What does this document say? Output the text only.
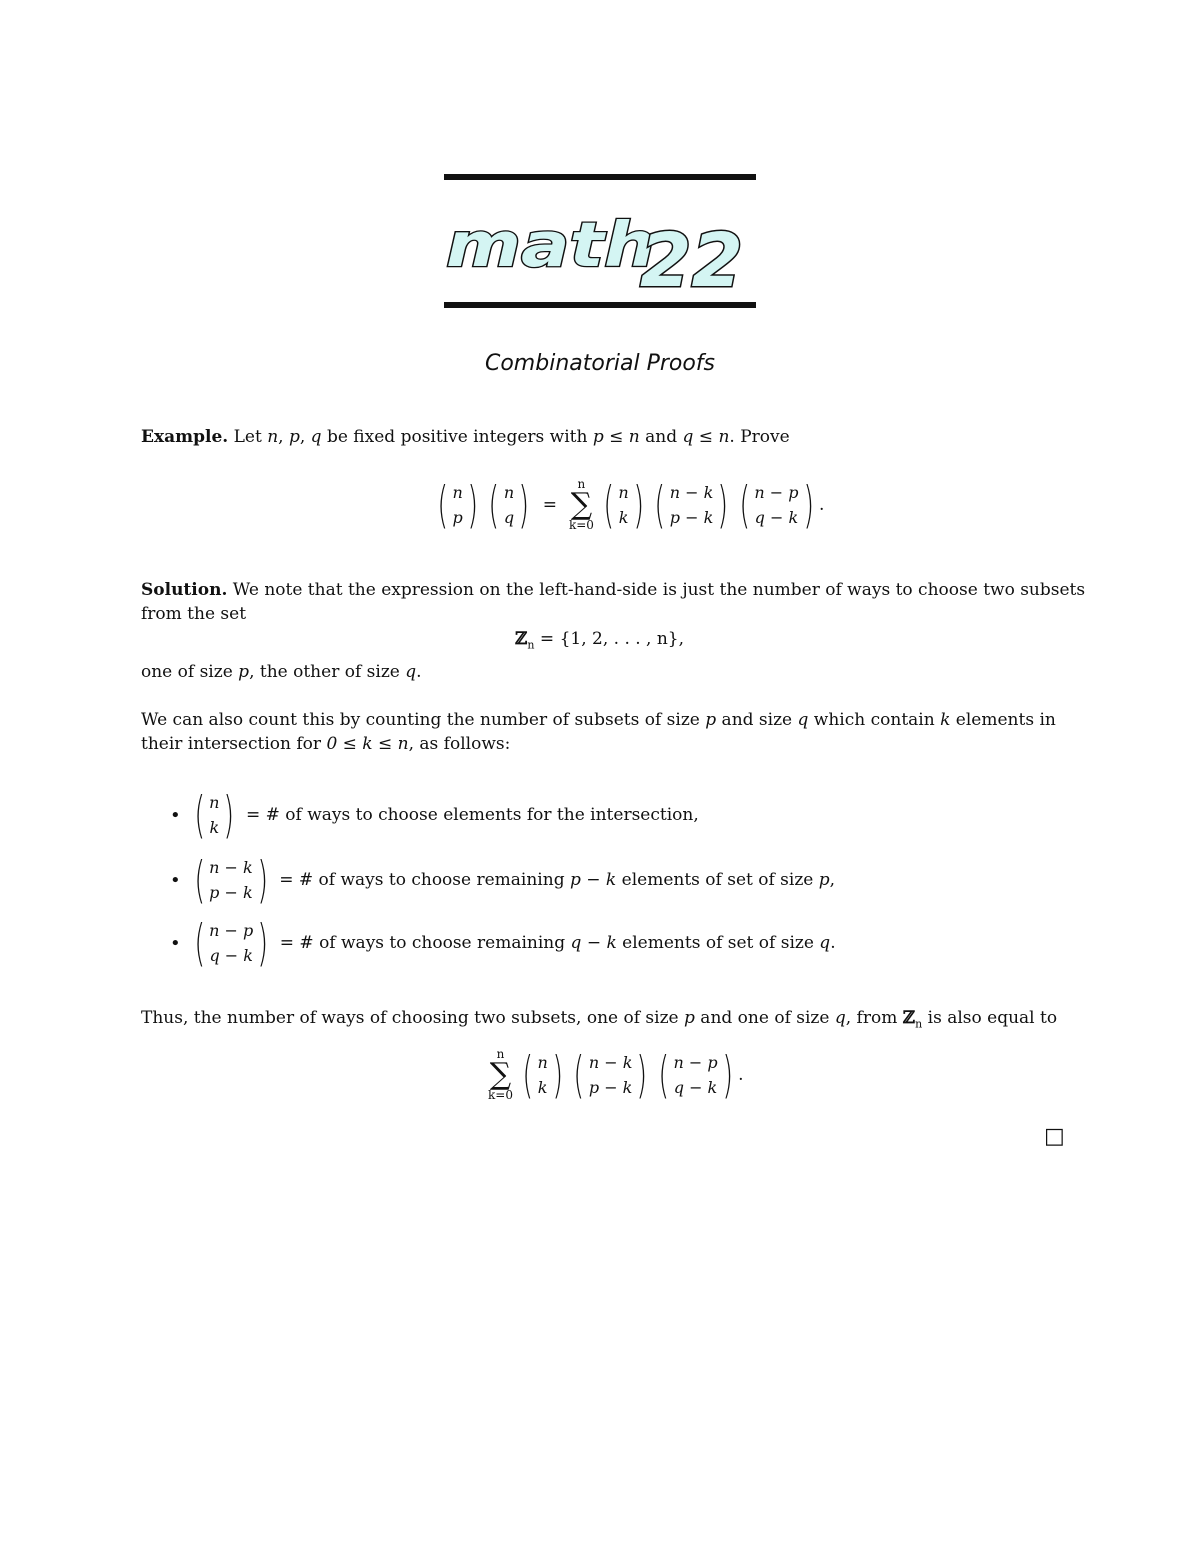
math
22
Combinatorial Proofs
Example. Let n, p, q be fixed positive integers with p ≤ n and q ≤ n. Prove
( n
p ) ( n
q ) =
n
∑
k=0 ( n
k ) ( n − k
p − k ) ( n − p
q − k ) .
Solution. We note that the expression on the left-hand-side is just the number of ways to choose two subsets
from the set
ℤ$_n$ = {1, 2, . . . , n},
one of size p, the other of size q.
We can also count this by counting the number of subsets of size p and size q which contain k elements in
their intersection for 0 ≤ k ≤ n, as follows:
• ( n
k ) = # of ways to choose elements for the intersection,
• ( n − k
p − k ) = # of ways to choose remaining p − k elements of set of size p,
• ( n − p
q − k ) = # of ways to choose remaining q − k elements of set of size q.
Thus, the number of ways of choosing two subsets, one of size p and one of size q, from ℤ$_n$ is also equal to
n
∑
k=0 ( n
k ) ( n − k
p − k ) ( n − p
q − k ) .
□
